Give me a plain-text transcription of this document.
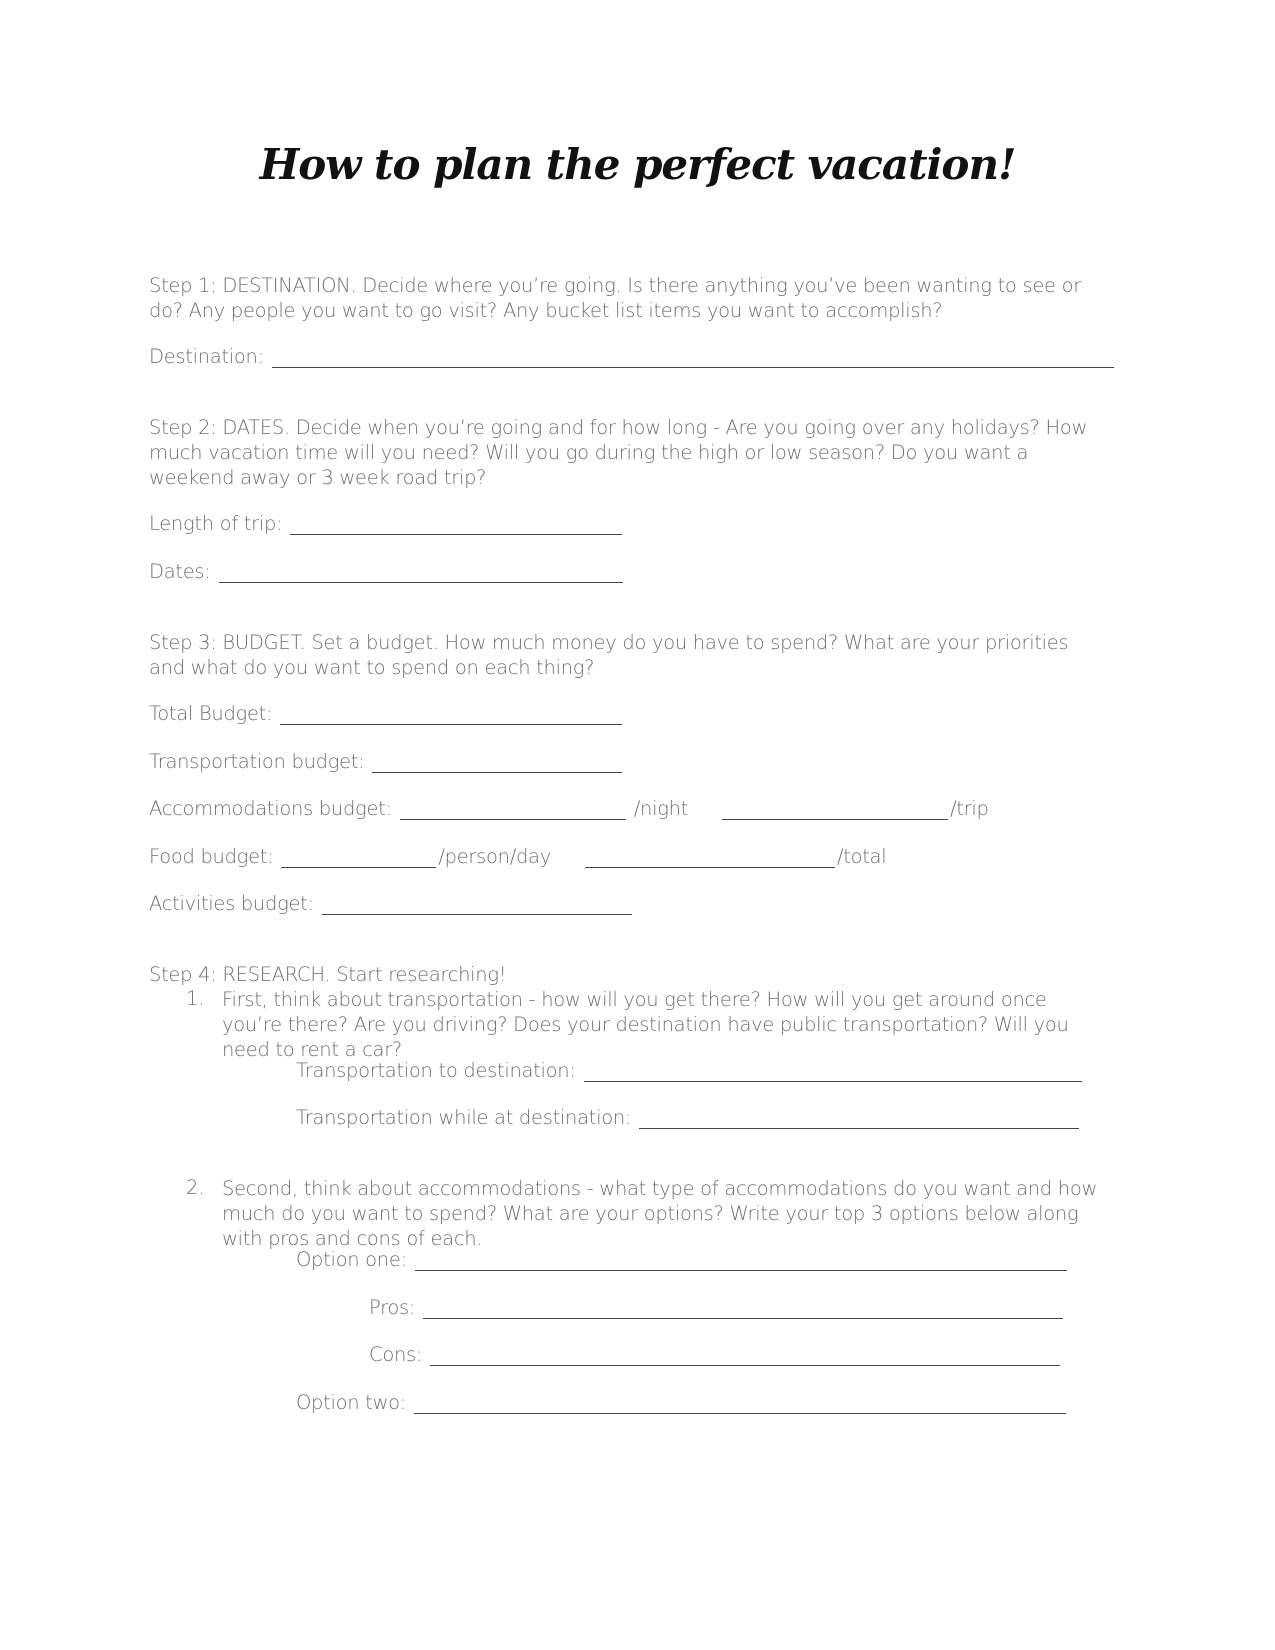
How to plan the perfect vacation!
Step 1: DESTINATION. Decide where you’re going. Is there anything you’ve been wanting to see or do? Any people you want to go visit? Any bucket list items you want to accomplish?
Destination:
Step 2: DATES. Decide when you’re going and for how long - Are you going over any holidays? How much vacation time will you need? Will you go during the high or low season? Do you want a weekend away or 3 week road trip?
Length of trip:
Dates:
Step 3: BUDGET. Set a budget. How much money do you have to spend? What are your priorities and what do you want to spend on each thing?
Total Budget:
Transportation budget:
Accommodations budget:	/night	/trip
Food budget:	/person/day	/total
Activities budget:
Step 4: RESEARCH. Start researching!
1. First, think about transportation - how will you get there? How will you get around once you’re there? Are you driving? Does your destination have public transportation? Will you need to rent a car?
Transportation to destination:
Transportation while at destination:
2. Second, think about accommodations - what type of accommodations do you want and how much do you want to spend? What are your options? Write your top 3 options below along with pros and cons of each.
Option one:
Pros:
Cons:
Option two:
